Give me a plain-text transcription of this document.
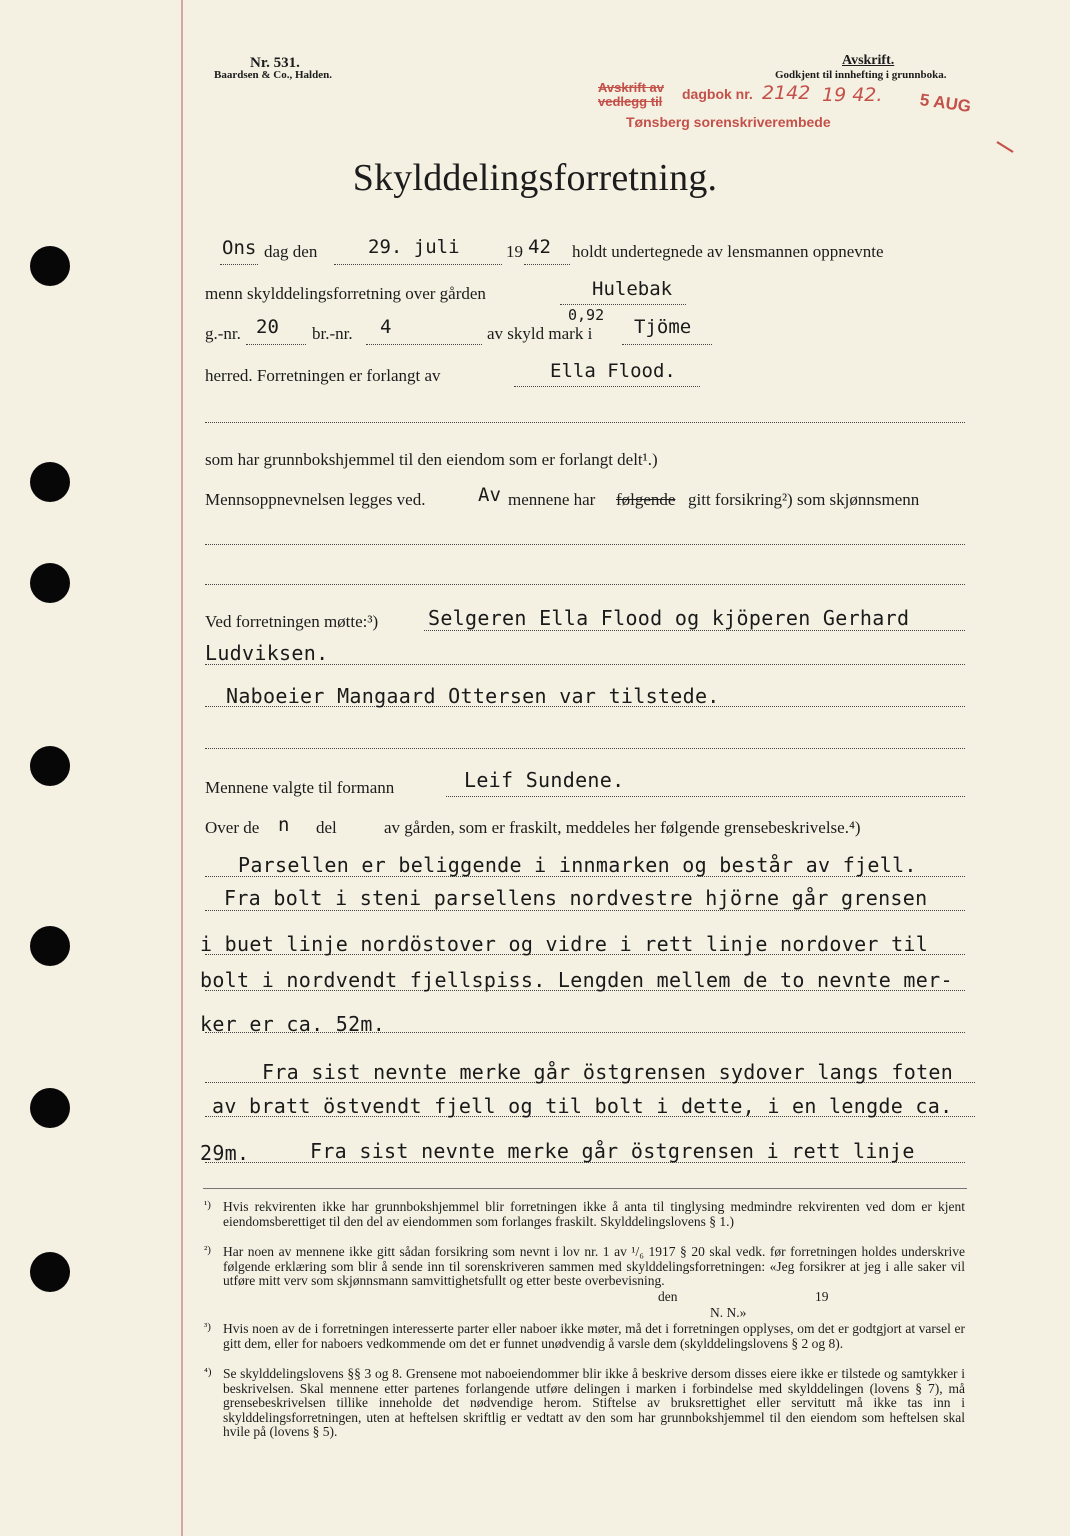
Nr. 531.
Baardsen & Co., Halden.
Avskrift.
Godkjent til innhefting i grunnboka.
Avskrift av
vedlegg til dagbok nr. 2142 19 42. 5 AUG
Tønsberg sorenskriverembede
Skylddelingsforretning.
Ons dag den	29. juli	19 42 holdt undertegnede av lensmannen oppnevnte
menn skylddelingsforretning over gården	Hulebak
g.-nr. 20 br.-nr. 4	av skyld mark i
0,92
Tjöme
herred. Forretningen er forlangt av	Ella Flood.
som har grunnbokshjemmel til den eiendom som er forlangt delt¹.)
Mennsoppnevnelsen legges ved.	Av mennene har følgende gitt forsikring²) som skjønnsmenn
Ved forretningen møtte:³) Selgeren Ella Flood og kjöperen Gerhard
Ludviksen.
Naboeier Mangaard Ottersen var tilstede.
Mennene valgte til formann	Leif Sundene.
Over de n del	av gården, som er fraskilt, meddeles her følgende grensebeskrivelse.⁴)
Parsellen er beliggende i innmarken og består av fjell.
Fra bolt i steni parsellens nordvestre hjörne går grensen
i buet linje nordöstover og vidre i rett linje nordover til
bolt i nordvendt fjellspiss. Lengden mellem de to nevnte mer-
ker er ca. 52m.
Fra sist nevnte merke går östgrensen sydover langs foten
av bratt östvendt fjell og til bolt i dette, i en lengde ca.
29m.	Fra sist nevnte merke går östgrensen i rett linje
¹) Hvis rekvirenten ikke har grunnbokshjemmel blir forretningen ikke å anta til tinglysing medmindre rekvirenten ved dom er kjent eiendomsberettiget til den del av eiendommen som forlanges fraskilt. Skylddelingslovens § 1.)
²) Har noen av mennene ikke gitt sådan forsikring som nevnt i lov nr. 1 av ¹/₆ 1917 § 20 skal vedk. før forretningen holdes underskrive følgende erklæring som blir å sende inn til sorenskriveren sammen med skylddelingsforretningen: «Jeg forsikrer at jeg i alle saker vil utføre mitt verv som skjønnsmann samvittighetsfullt og etter beste overbevisning.
den	19
N. N.»
³) Hvis noen av de i forretningen interesserte parter eller naboer ikke møter, må det i forretningen opplyses, om det er godtgjort at varsel er gitt dem, eller for naboers vedkommende om det er funnet unødvendig å varsle dem (skylddelingslovens § 2 og 8).
⁴) Se skylddelingslovens §§ 3 og 8. Grensene mot naboeiendommer blir ikke å beskrive dersom disses eiere ikke er tilstede og samtykker i beskrivelsen. Skal mennene etter partenes forlangende utføre delingen i marken i forbindelse med skylddelingen (lovens § 7), må grensebeskrivelsen tillike inneholde det nødvendige herom. Stiftelse av bruksrettighet eller servitutt må ikke tas inn i skylddelingsforretningen, uten at heftelsen skriftlig er vedtatt av den som har grunnbokshjemmel til den eiendom som heftelsen skal hvile på (lovens § 5).
